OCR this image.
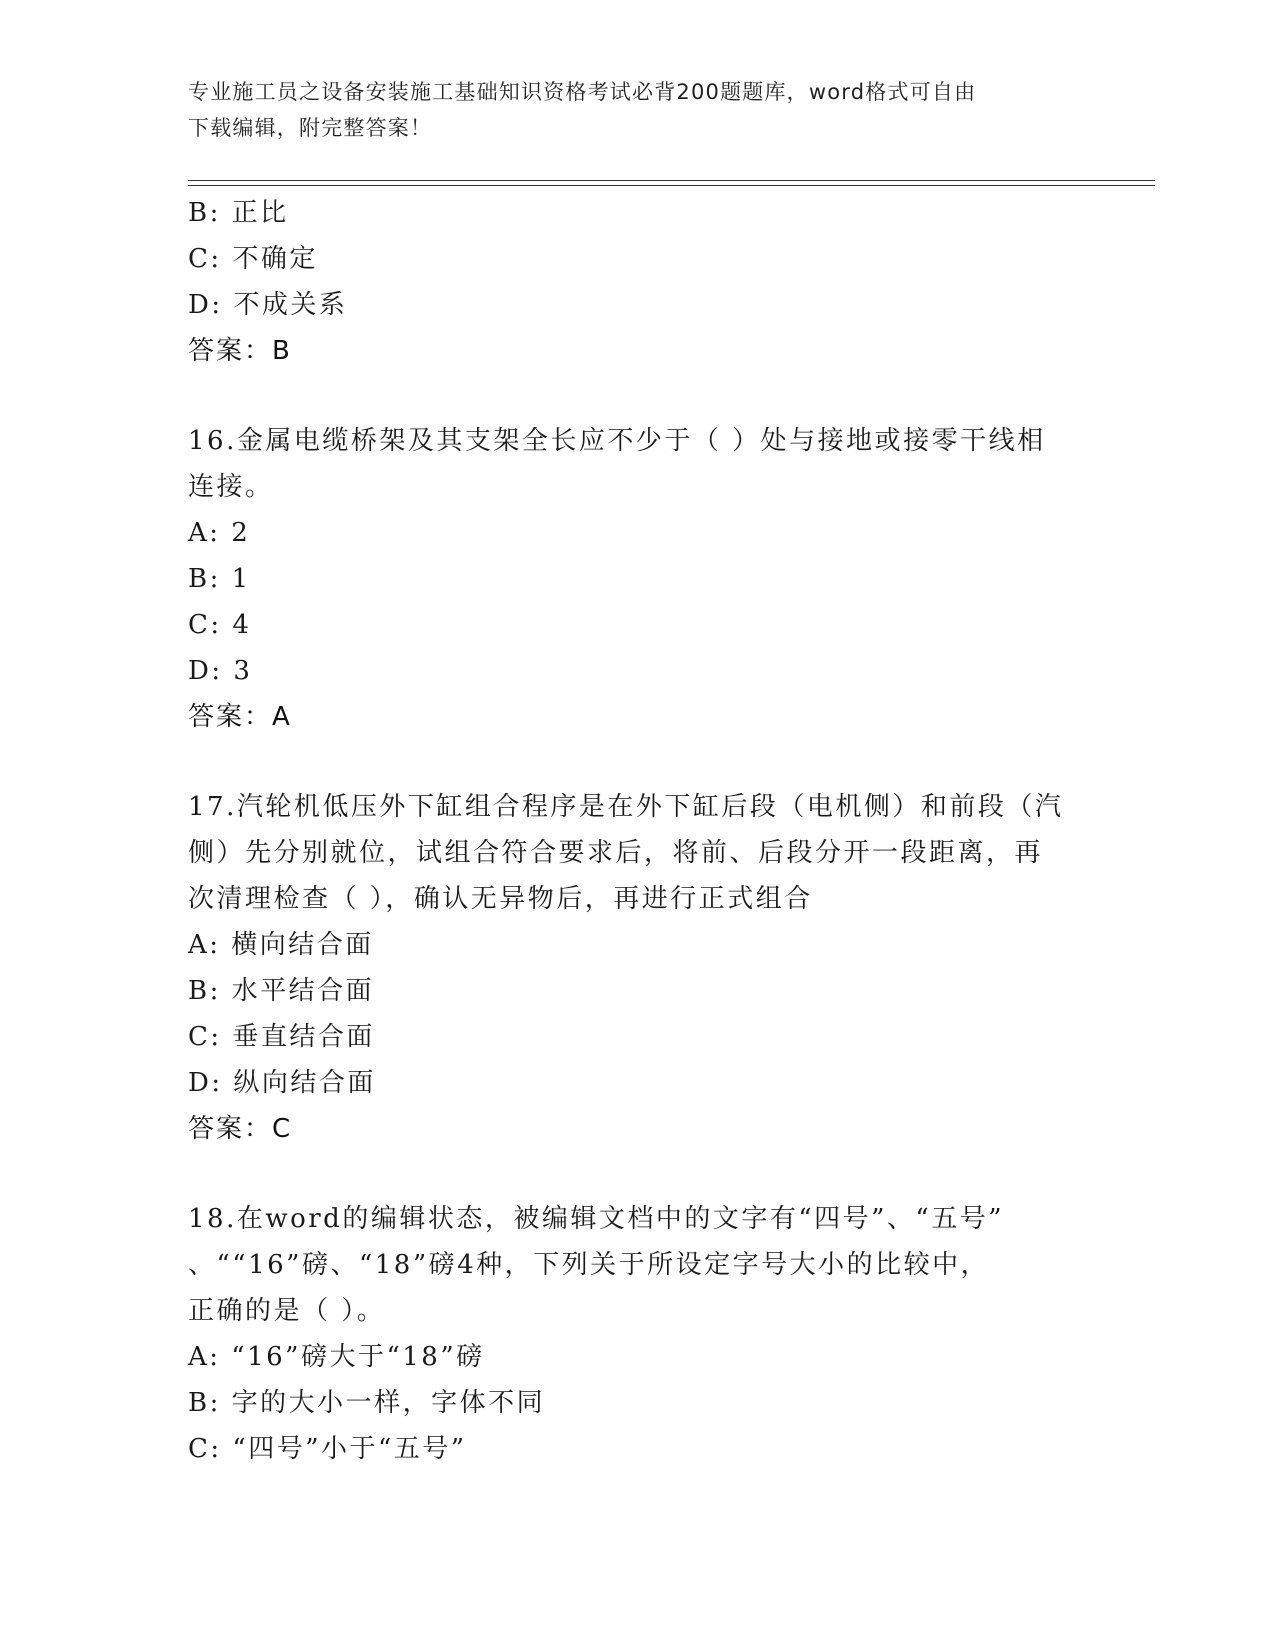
专业施工员之设备安装施工基础知识资格考试必背200题题库，word格式可自由
下载编辑，附完整答案！
B: 正比
C: 不确定
D: 不成关系
答案：B
16.金属电缆桥架及其支架全长应不少于（ ）处与接地或接零干线相
连接。
A: 2
B: 1
C: 4
D: 3
答案：A
17.汽轮机低压外下缸组合程序是在外下缸后段（电机侧）和前段（汽
侧）先分别就位，试组合符合要求后，将前、后段分开一段距离，再
次清理检查（ ），确认无异物后，再进行正式组合
A: 横向结合面
B: 水平结合面
C: 垂直结合面
D: 纵向结合面
答案：C
18.在word的编辑状态，被编辑文档中的文字有“四号”、“五号”
、““16”磅、“18”磅4种，下列关于所设定字号大小的比较中，
正确的是（ ）。
A: “16”磅大于“18”磅
B: 字的大小一样，字体不同
C: “四号”小于“五号”
